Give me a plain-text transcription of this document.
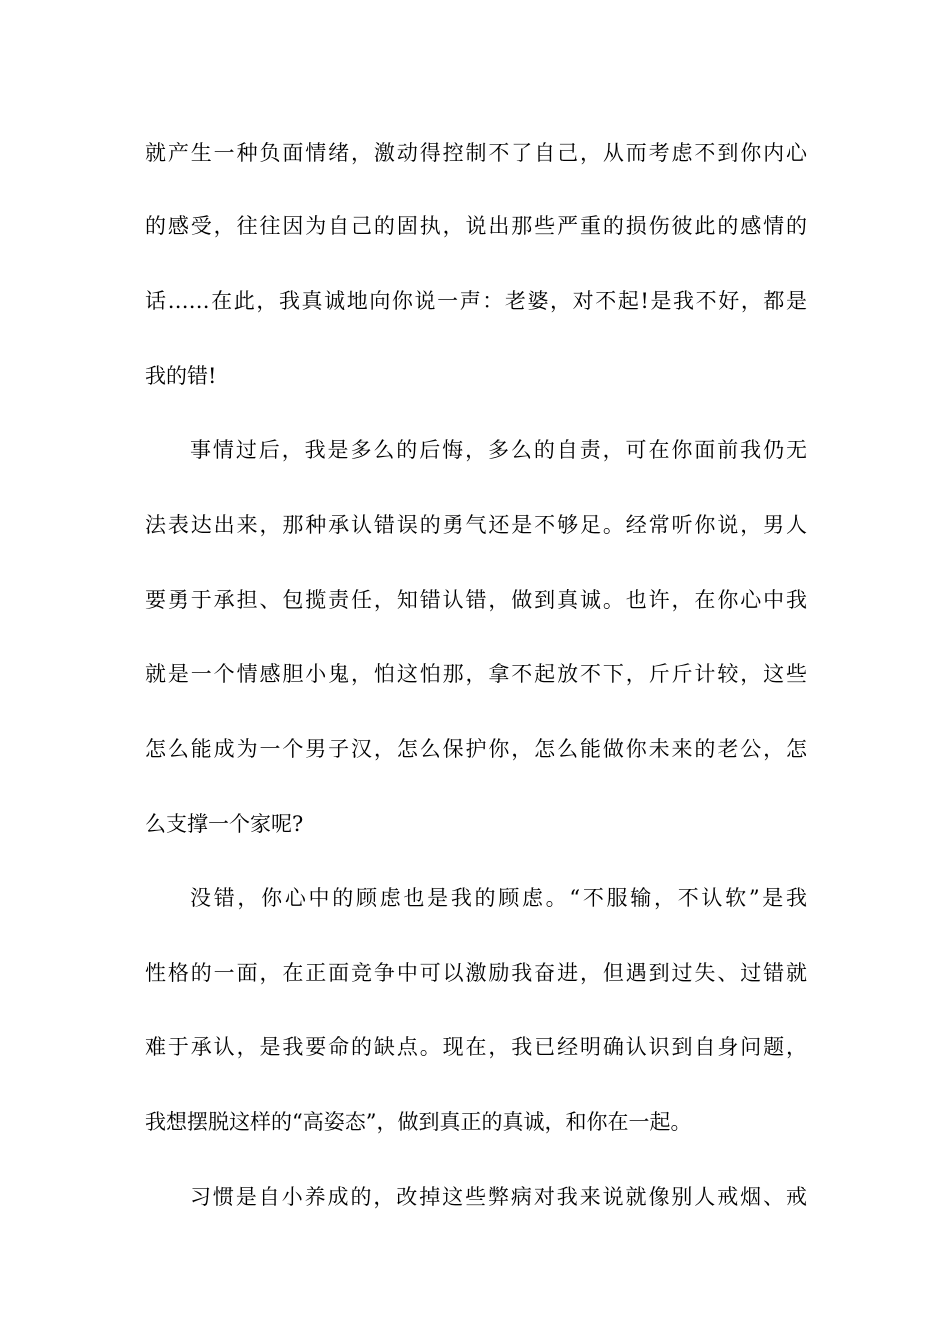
就产生一种负面情绪，激动得控制不了自己，从而考虑不到你内心
的感受，往往因为自己的固执，说出那些严重的损伤彼此的感情的
话……在此，我真诚地向你说一声：老婆，对不起!是我不好，都是
我的错!
事情过后，我是多么的后悔，多么的自责，可在你面前我仍无
法表达出来，那种承认错误的勇气还是不够足。经常听你说，男人
要勇于承担、包揽责任，知错认错，做到真诚。也许，在你心中我
就是一个情感胆小鬼，怕这怕那，拿不起放不下，斤斤计较，这些
怎么能成为一个男子汉，怎么保护你，怎么能做你未来的老公，怎
么支撑一个家呢?
没错，你心中的顾虑也是我的顾虑。“不服输，不认软”是我
性格的一面，在正面竞争中可以激励我奋进，但遇到过失、过错就
难于承认，是我要命的缺点。现在，我已经明确认识到自身问题，
我想摆脱这样的“高姿态”，做到真正的真诚，和你在一起。
习惯是自小养成的，改掉这些弊病对我来说就像别人戒烟、戒
